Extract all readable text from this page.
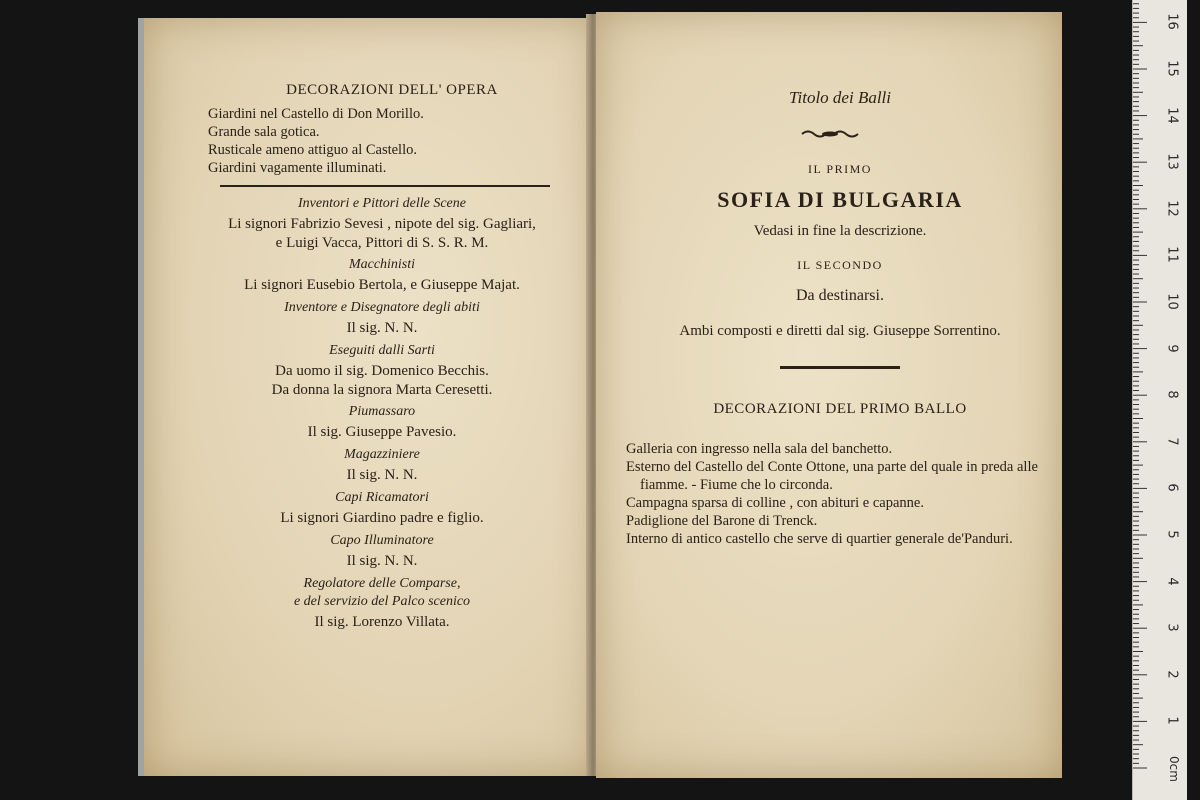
DECORAZIONI DELL' OPERA
Giardini nel Castello di Don Morillo.
Grande sala gotica.
Rusticale ameno attiguo al Castello.
Giardini vagamente illuminati.
Inventori e Pittori delle Scene
Li signori Fabrizio Sevesi , nipote del sig. Gagliari,
e Luigi Vacca, Pittori di S. S. R. M.
Macchinisti
Li signori Eusebio Bertola, e Giuseppe Majat.
Inventore e Disegnatore degli abiti
Il sig. N. N.
Eseguiti dalli Sarti
Da uomo il sig. Domenico Becchis.
Da donna la signora Marta Ceresetti.
Piumassaro
Il sig. Giuseppe Pavesio.
Magazziniere
Il sig. N. N.
Capi Ricamatori
Li signori Giardino padre e figlio.
Capo Illuminatore
Il sig. N. N.
Regolatore delle Comparse,
e del servizio del Palco scenico
Il sig. Lorenzo Villata.
Titolo dei Balli
IL PRIMO
SOFIA DI BULGARIA
Vedasi in fine la descrizione.
IL SECONDO
Da destinarsi.
Ambi composti e diretti dal sig. Giuseppe Sorrentino.
DECORAZIONI DEL PRIMO BALLO
Galleria con ingresso nella sala del banchetto.
Esterno del Castello del Conte Ottone, una parte del quale in preda alle fiamme. - Fiume che lo circonda.
Campagna sparsa di colline , con abituri e capanne.
Padiglione del Barone di Trenck.
Interno di antico castello che serve di quartier generale de'Panduri.
1
2
3
4
5
6
7
8
9
10
11
12
13
14
15
16
0cm
